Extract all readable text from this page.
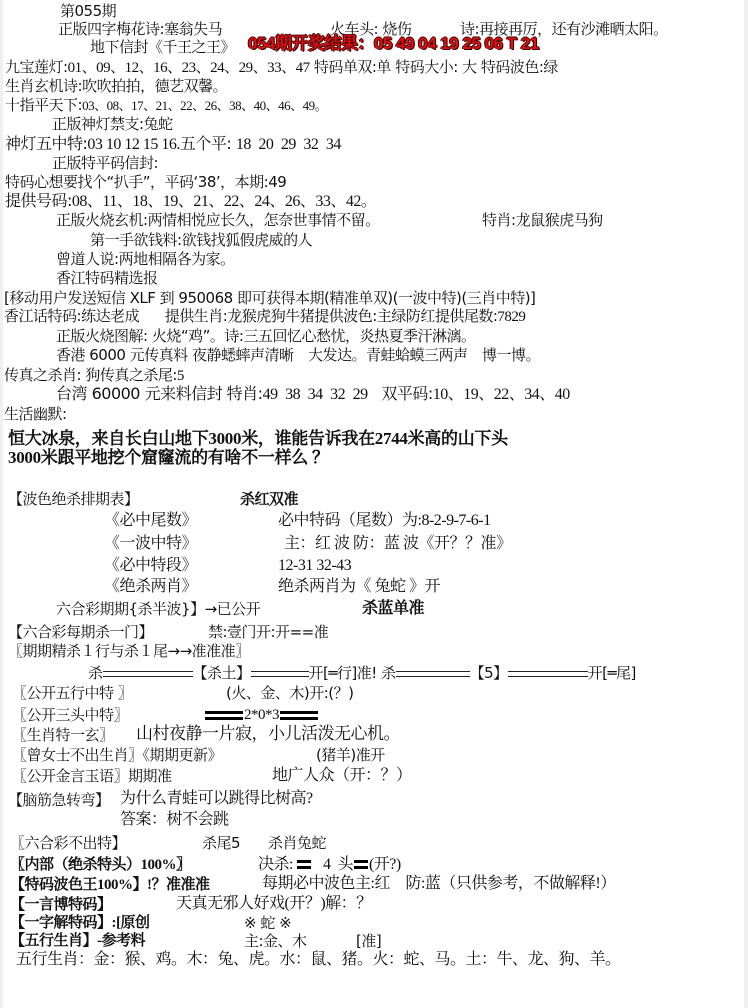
第055期
正版四字梅花诗:塞翁失马	火车头: 烧伤	诗:再接再厉，还有沙滩晒太阳。
地下信封《千王之王》 054期开奖结果：05 49 04 19 25 06 T 21
九宝莲灯:01、09、12、16、23、24、29、33、47 特码单双:单 特码大小: 大 特码波色:绿
生肖玄机诗:吹吹拍拍，德艺双馨。
十指平天下:03、08、17、21、22、26、38、40、46、49。
正版神灯禁支:兔蛇
神灯五中特:03 10 12 15 16.五个平: 18 20 29 32 34
正版特平码信封:
特码心想要找个“扒手”，平码‘38’，本期:49
提供号码:08、11、18、19、21、22、24、26、33、42。
正版火烧玄机:两情相悦应长久，怎奈世事情不留。	特肖:龙鼠猴虎马狗
第一手欲钱料:欲钱找狐假虎威的人
曾道人说:两地相隔各为家。
香江特码精选报
[移动用户发送短信 XLF 到 950068 即可获得本期(精准单双)(一波中特)(三肖中特)]
香江话特码:练达老成 提供生肖:龙猴虎狗牛猪提供波色:主绿防红提供尾数:7829
正版火烧图解: 火烧“鸡”。诗:三五回忆心愁忧，炎热夏季汗淋漓。
香港 6000 元传真料 夜静蟋蟀声清晰　大发达。青蛙蛤蟆三两声　博一博。
传真之杀肖: 狗传真之杀尾:5
台湾 60000 元来料信封 特肖:49 38 34 32 29 双平码:10、19、22、34、40
生活幽默:
恒大冰泉，来自长白山地下3000米，谁能告诉我在2744米高的山下头
3000米跟平地挖个窟窿流的有啥不一样么 ？
【波色绝杀排期表】	杀红双准
《必中尾数》	必中特码（尾数）为:8-2-9-7-6-1
《一波中特》	主：红 波 防：蓝 波《开？？准》
《必中特段》	12-31 32-43
《绝杀两肖》	绝杀两肖为《 兔蛇 》开
六合彩期期{杀半波}】→已公开	杀蓝单准
【六合彩每期杀一门】	禁:壹门开:开==准
〖期期精杀１行与杀１尾→→准准准〗
杀	【杀土】	开[═行]准! 杀	【5】	开[═尾]
〖公开五行中特 〗	(火、金、木)开:(？)
〖公开三头中特〗	2*0*3
〖生肖特一玄〗 山村夜静一片寂，小儿活泼无心机。
〖曾女士不出生肖〗《期期更新》	(猪羊)准开
〖公开金言玉语〗期期准	地广人众（开：？）
【脑筋急转弯】 为什么青蛙可以跳得比树高?
答案：树不会跳
〖六合彩不出特】	杀尾5 杀肖兔蛇
〖内部（绝杀特头）100%〗	决杀: 4 头 (开?)
【特码波色王100%】!？准准准	每期必中波色主:红　防:蓝（只供参考，不做解释!）
【一言博特码】	天真无邪人好戏(开？)解：？
【一字解特码】:[原创	※ 蛇 ※
【五行生肖】-参考料	主:金、木	[准]
五行生肖：金：猴、鸡。木：兔、虎。水：鼠、猪。火：蛇、马。土：牛、龙、狗、羊。
